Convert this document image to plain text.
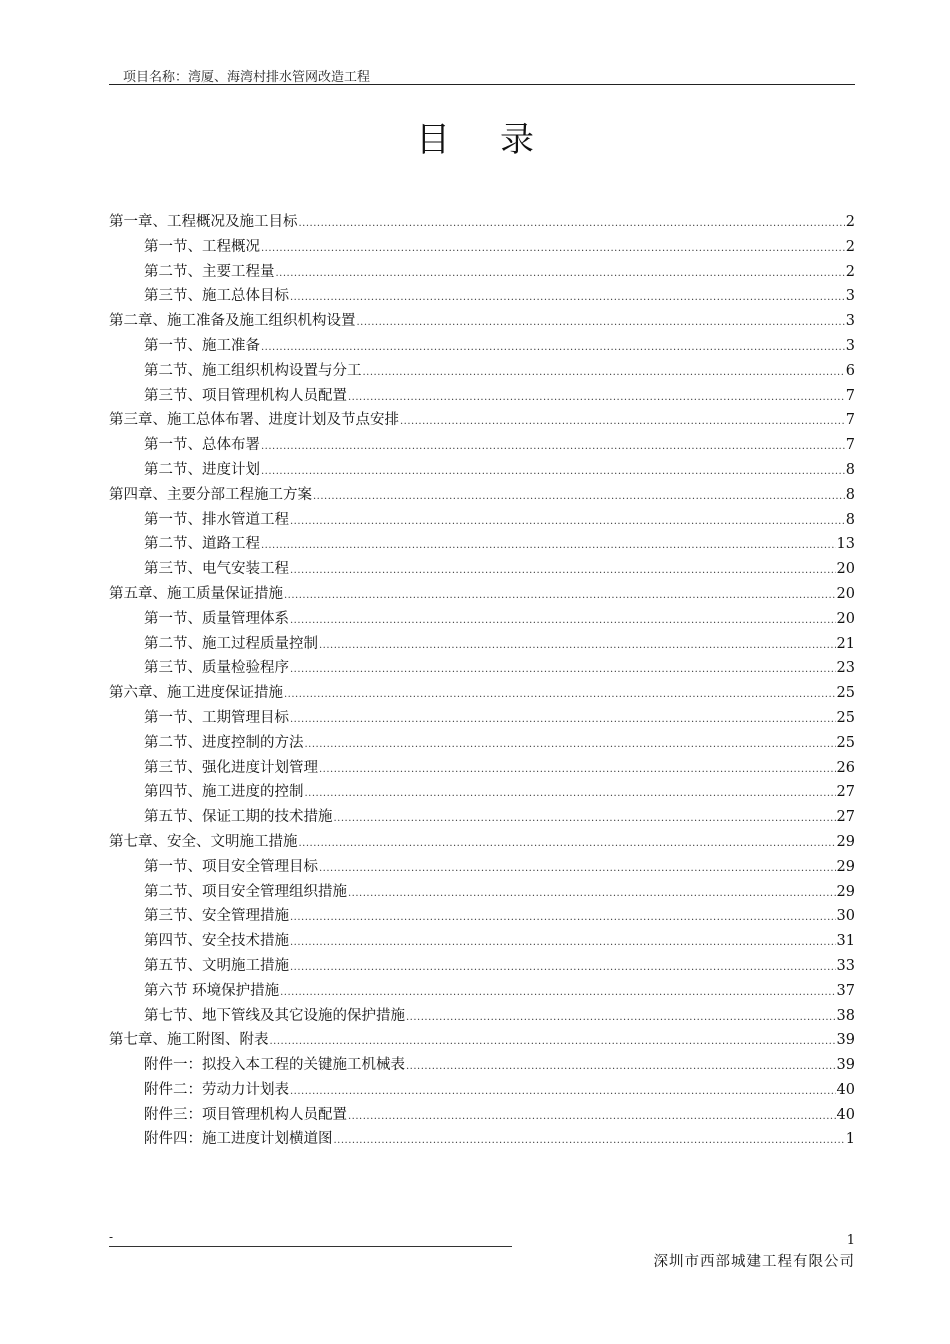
项目名称：湾厦、海湾村排水管网改造工程
目录
第一章、工程概况及施工目标 .....	2
第一节、工程概况 .....	2
第二节、主要工程量 .....	2
第三节、施工总体目标 .....	3
第二章、施工准备及施工组织机构设置 .....	3
第一节、施工准备 .....	3
第二节、施工组织机构设置与分工 .....	6
第三节、项目管理机构人员配置 .....	7
第三章、施工总体布署、进度计划及节点安排 .....	7
第一节、总体布署 .....	7
第二节、进度计划 .....	8
第四章、主要分部工程施工方案 .....	8
第一节、排水管道工程 .....	8
第二节、道路工程 .....	13
第三节、电气安装工程 .....	20
第五章、施工质量保证措施 .....	20
第一节、质量管理体系 .....	20
第二节、施工过程质量控制 .....	21
第三节、质量检验程序 .....	23
第六章、施工进度保证措施 .....	25
第一节、工期管理目标 .....	25
第二节、进度控制的方法 .....	25
第三节、强化进度计划管理 .....	26
第四节、施工进度的控制 .....	27
第五节、保证工期的技术措施 .....	27
第七章、安全、文明施工措施 .....	29
第一节、项目安全管理目标 .....	29
第二节、项目安全管理组织措施 .....	29
第三节、安全管理措施 .....	30
第四节、安全技术措施 .....	31
第五节、文明施工措施 .....	33
第六节 环境保护措施 .....	37
第七节、地下管线及其它设施的保护措施 .....	38
第七章、施工附图、附表 .....	39
附件一：拟投入本工程的关键施工机械表 .....	39
附件二：劳动力计划表 .....	40
附件三：项目管理机构人员配置 .....	40
附件四：施工进度计划横道图 .....	1
-	1
深圳市西部城建工程有限公司
